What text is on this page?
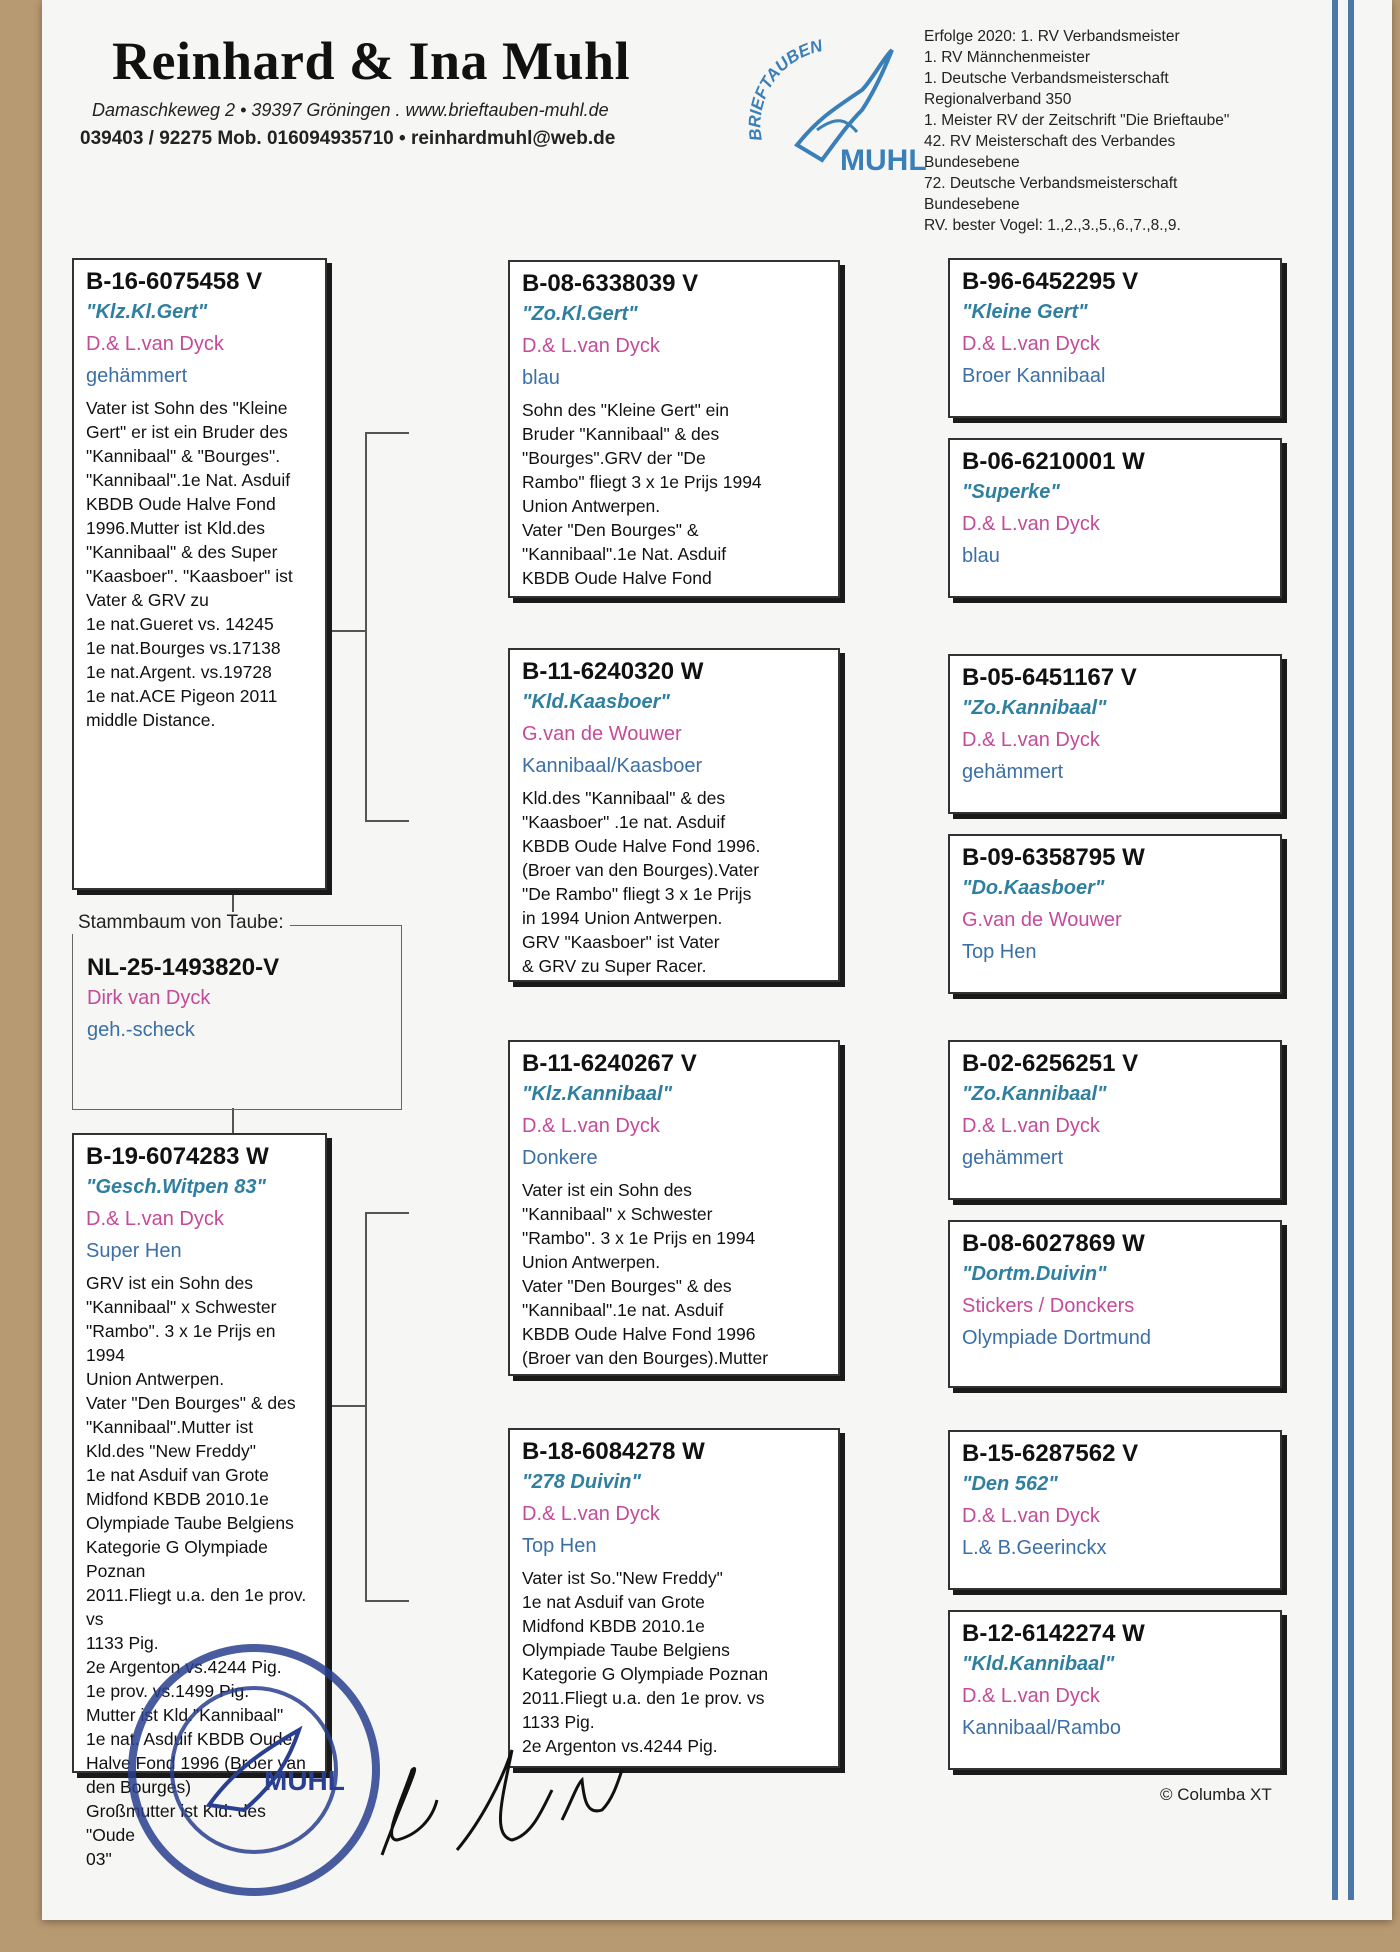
Reinhard & Ina Muhl
Damaschkeweg 2 • 39397 Gröningen . www.brieftauben-muhl.de
039403 / 92275 Mob. 016094935710 • reinhardmuhl@web.de	BRIEFTAUBEN
MUHL
Erfolge 2020: 1. RV Verbandsmeister
1. RV Männchenmeister
1. Deutsche Verbandsmeisterschaft
Regionalverband 350
1. Meister RV der Zeitschrift "Die Brieftaube"
42. RV Meisterschaft des Verbandes
Bundesebene
72. Deutsche Verbandsmeisterschaft
Bundesebene
RV. bester Vogel: 1.,2.,3.,5.,6.,7.,8.,9.
B-16-6075458 V
"Klz.Kl.Gert"
D.& L.van Dyck
gehämmert
Vater ist Sohn des "Kleine
Gert" er ist ein Bruder des
"Kannibaal" & "Bourges".
"Kannibaal".1e Nat. Asduif
KBDB Oude Halve Fond
1996.Mutter ist Kld.des
"Kannibaal" & des Super
"Kaasboer". "Kaasboer" ist
Vater & GRV zu
1e nat.Gueret vs. 14245
1e nat.Bourges vs.17138
1e nat.Argent. vs.19728
1e nat.ACE Pigeon 2011
middle Distance.
NL-25-1493820-V
Dirk van Dyck
geh.-scheck
Stammbaum von Taube:
B-19-6074283 W
"Gesch.Witpen 83"
D.& L.van Dyck
Super Hen
GRV ist ein Sohn des
"Kannibaal" x Schwester
"Rambo". 3 x 1e Prijs en 1994
Union Antwerpen.
Vater "Den Bourges" & des
"Kannibaal".Mutter ist
Kld.des "New Freddy"
1e nat Asduif van Grote
Midfond KBDB 2010.1e
Olympiade Taube Belgiens
Kategorie G Olympiade Poznan
2011.Fliegt u.a. den 1e prov. vs
1133 Pig.
2e Argenton vs.4244 Pig.
1e prov. vs.1499 Pig.
Mutter ist Kld."Kannibaal"
1e nat. Asduif KBDB Oude
Halve Fond 1996 (Broer van
den Bourges)
Großmutter ist Kld. des "Oude
03"
B-08-6338039 V
"Zo.Kl.Gert"
D.& L.van Dyck
blau
Sohn des "Kleine Gert" ein
Bruder "Kannibaal" & des
"Bourges".GRV der "De
Rambo" fliegt 3 x 1e Prijs 1994
Union Antwerpen.
Vater "Den Bourges" &
"Kannibaal".1e Nat. Asduif
KBDB Oude Halve Fond
B-11-6240320 W
"Kld.Kaasboer"
G.van de Wouwer
Kannibaal/Kaasboer
Kld.des "Kannibaal" & des
"Kaasboer" .1e nat. Asduif
KBDB Oude Halve Fond 1996.
(Broer van den Bourges).Vater
"De Rambo" fliegt 3 x 1e Prijs
in 1994 Union Antwerpen.
GRV "Kaasboer" ist Vater
& GRV zu Super Racer.
B-11-6240267 V
"Klz.Kannibaal"
D.& L.van Dyck
Donkere
Vater ist ein Sohn des
"Kannibaal" x Schwester
"Rambo". 3 x 1e Prijs en 1994
Union Antwerpen.
Vater "Den Bourges" & des
"Kannibaal".1e nat. Asduif
KBDB Oude Halve Fond 1996
(Broer van den Bourges).Mutter
B-18-6084278 W
"278 Duivin"
D.& L.van Dyck
Top Hen
Vater ist So."New Freddy"
1e nat Asduif van Grote
Midfond KBDB 2010.1e
Olympiade Taube Belgiens
Kategorie G Olympiade Poznan
2011.Fliegt u.a. den 1e prov. vs
1133 Pig.
2e Argenton vs.4244 Pig.
B-96-6452295 V
"Kleine Gert"
D.& L.van Dyck
Broer Kannibaal
B-06-6210001 W
"Superke"
D.& L.van Dyck
blau
B-05-6451167 V
"Zo.Kannibaal"
D.& L.van Dyck
gehämmert
B-09-6358795 W
"Do.Kaasboer"
G.van de Wouwer
Top Hen
B-02-6256251 V
"Zo.Kannibaal"
D.& L.van Dyck
gehämmert
B-08-6027869 W
"Dortm.Duivin"
Stickers / Donckers
Olympiade Dortmund
B-15-6287562 V
"Den 562"
D.& L.van Dyck
L.& B.Geerinckx
B-12-6142274 W
"Kld.Kannibaal"
D.& L.van Dyck
Kannibaal/Rambo
© Columba XT
MUHL
